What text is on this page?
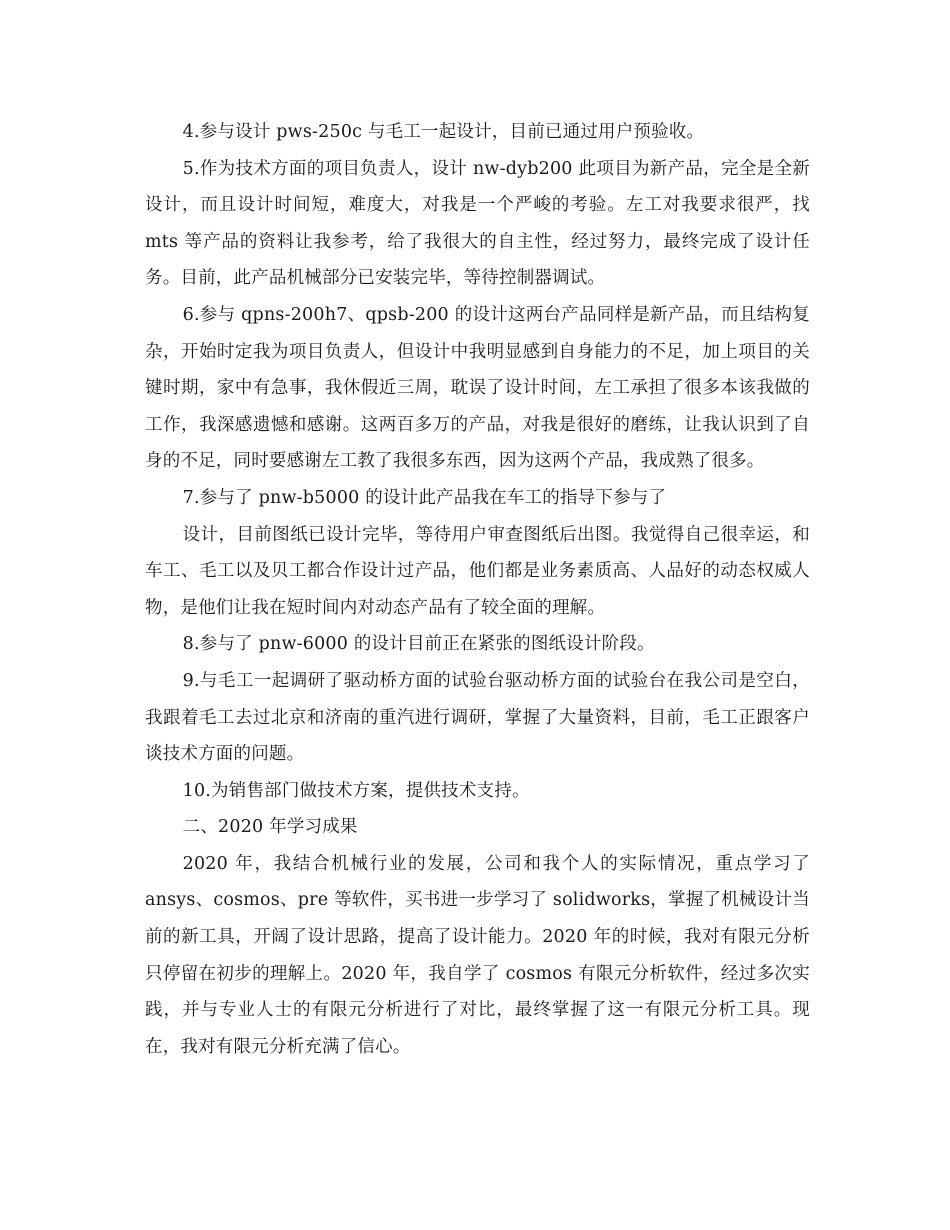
4.参与设计 pws-250c 与毛工一起设计，目前已通过用户预验收。

5.作为技术方面的项目负责人，设计 nw-dyb200 此项目为新产品，完全是全新设计，而且设计时间短，难度大，对我是一个严峻的考验。左工对我要求很严，找 mts 等产品的资料让我参考，给了我很大的自主性，经过努力，最终完成了设计任务。目前，此产品机械部分已安装完毕，等待控制器调试。

6.参与 qpns-200h7、qpsb-200 的设计这两台产品同样是新产品，而且结构复杂，开始时定我为项目负责人，但设计中我明显感到自身能力的不足，加上项目的关键时期，家中有急事，我休假近三周，耽误了设计时间，左工承担了很多本该我做的工作，我深感遗憾和感谢。这两百多万的产品，对我是很好的磨练，让我认识到了自身的不足，同时要感谢左工教了我很多东西，因为这两个产品，我成熟了很多。

7.参与了 pnw-b5000 的设计此产品我在车工的指导下参与了

设计，目前图纸已设计完毕，等待用户审查图纸后出图。我觉得自己很幸运，和车工、毛工以及贝工都合作设计过产品，他们都是业务素质高、人品好的动态权威人物，是他们让我在短时间内对动态产品有了较全面的理解。

8.参与了 pnw-6000 的设计目前正在紧张的图纸设计阶段。

9.与毛工一起调研了驱动桥方面的试验台驱动桥方面的试验台在我公司是空白，我跟着毛工去过北京和济南的重汽进行调研，掌握了大量资料，目前，毛工正跟客户谈技术方面的问题。

10.为销售部门做技术方案，提供技术支持。

二、2020 年学习成果

2020 年，我结合机械行业的发展，公司和我个人的实际情况，重点学习了 ansys、cosmos、pre 等软件，买书进一步学习了 solidworks，掌握了机械设计当前的新工具，开阔了设计思路，提高了设计能力。2020 年的时候，我对有限元分析只停留在初步的理解上。2020 年，我自学了 cosmos 有限元分析软件，经过多次实践，并与专业人士的有限元分析进行了对比，最终掌握了这一有限元分析工具。现在，我对有限元分析充满了信心。
